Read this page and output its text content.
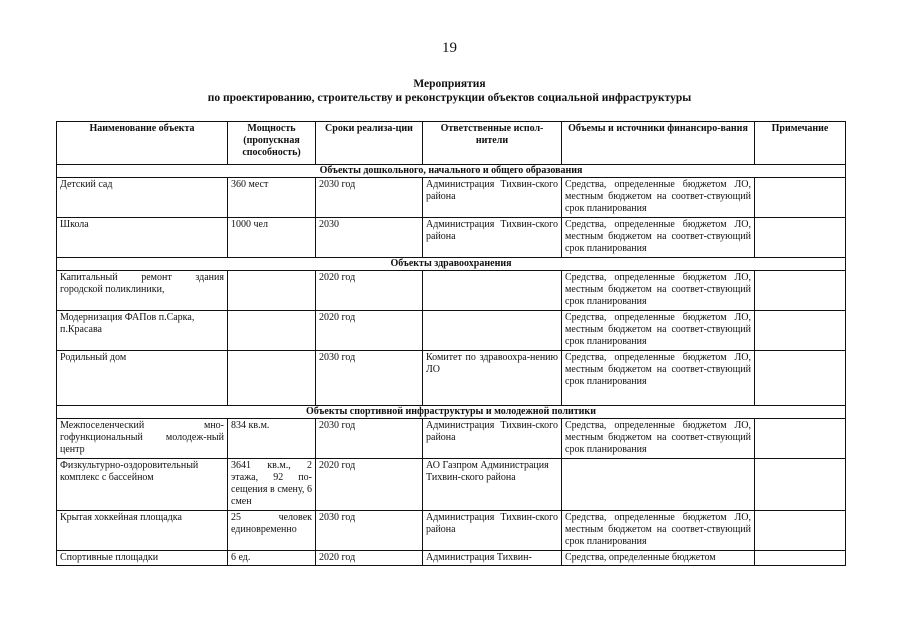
19
Мероприятия
по проектированию, строительству и реконструкции объектов социальной инфраструктуры
Наименование объекта	Мощность (пропускная способность)	Сроки реализа-ции	Ответственные испол-нители	Объемы и источники финансиро-вания	Примечание
Объекты дошкольного, начального и общего образования					
Детский сад	360 мест	2030 год	Администрация Тихвин-ского района	Средства, определенные бюджетом ЛО, местным бюджетом на соответ-ствующий срок планирования	
Школа	1000 чел	2030	Администрация Тихвин-ского района	Средства, определенные бюджетом ЛО, местным бюджетом на соответ-ствующий срок планирования	
Объекты здравоохранения					
Капитальный ремонт здания городской поликлиники,		2020 год		Средства, определенные бюджетом ЛО, местным бюджетом на соответ-ствующий срок планирования	
Модернизация ФАПов п.Сарка, п.Красава		2020 год		Средства, определенные бюджетом ЛО, местным бюджетом на соответ-ствующий срок планирования	
Родильный дом		2030 год	Комитет по здравоохра-нению ЛО	Средства, определенные бюджетом ЛО, местным бюджетом на соответ-ствующий срок планирования	
Объекты спортивной инфраструктуры и молодежной политики					
Межпоселенческий мно-гофункциональный молодеж-ный центр	834 кв.м.	2030 год	Администрация Тихвин-ского района	Средства, определенные бюджетом ЛО, местным бюджетом на соответ-ствующий срок планирования	
Физкультурно-оздоровительный комплекс с бассейном	3641 кв.м., 2 этажа, 92 по-сещения в смену, 6 смен	2020 год	АО Газпром Администрация Тихвин-ского района		
Крытая хоккейная площадка	25 человек единовременно	2030 год	Администрация Тихвин-ского района	Средства, определенные бюджетом ЛО, местным бюджетом на соответ-ствующий срок планирования	
Спортивные площадки	6 ед.	2020 год	Администрация Тихвин-	Средства, определенные бюджетом	
